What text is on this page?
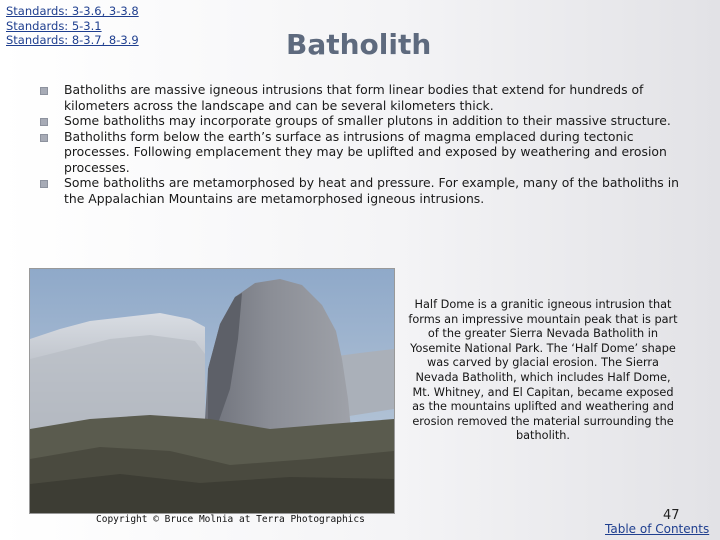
Standards: 3-3.6, 3-3.8
Standards: 5-3.1
Standards: 8-3.7, 8-3.9	Batholith
Batholiths are massive igneous intrusions that form linear bodies that extend for hundreds of kilometers across the landscape and can be several kilometers thick.
Some batholiths may incorporate groups of smaller plutons in addition to their massive structure.
Batholiths form below the earth’s surface as intrusions of magma emplaced during tectonic processes. Following emplacement they may be uplifted and exposed by weathering and erosion processes.
Some batholiths are metamorphosed by heat and pressure. For example, many of the batholiths in the Appalachian Mountains are metamorphosed igneous intrusions.
Half Dome is a granitic igneous intrusion that forms an impressive mountain peak that is part of the greater Sierra Nevada Batholith in Yosemite National Park. The ‘Half Dome’ shape was carved by glacial erosion. The Sierra Nevada Batholith, which includes Half Dome, Mt. Whitney, and El Capitan, became exposed as the mountains uplifted and weathering and erosion removed the material surrounding the batholith.
Copyright © Bruce Molnia at Terra Photographics	47
Table of Contents
